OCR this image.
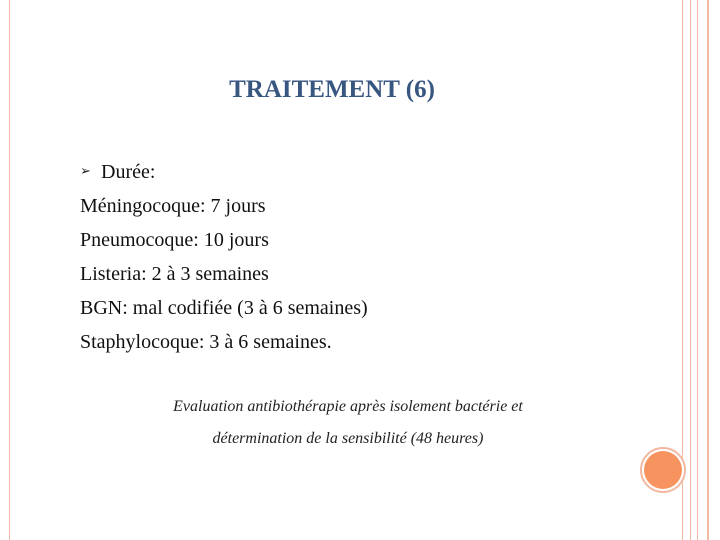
TRAITEMENT (6)
➢ Durée:
Méningocoque: 7 jours
Pneumocoque: 10 jours
Listeria: 2 à 3 semaines
BGN: mal codifiée (3 à 6 semaines)
Staphylocoque: 3 à 6 semaines.
Evaluation antibiothérapie après isolement bactérie et
détermination de la sensibilité (48 heures)
